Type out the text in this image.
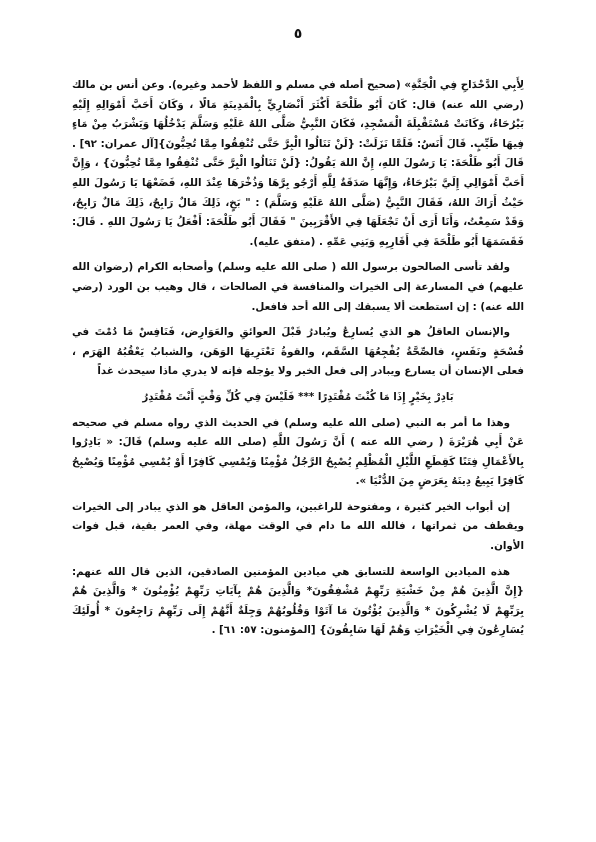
٥

لِأَبِي الدَّحْدَاحِ فِي الْجَنَّةِ» (صحيح أصله في مسلم و اللفظ لأحمد وغيره). وعن أنس بن مالك (رضي الله عنه) قال: كَانَ أَبُو طَلْحَةَ أَكْثَرَ أَنْصَارِيٍّ بِالْمَدِينَةِ مَالًا ، وَكَانَ أَحَبَّ أَمْوَالِهِ إِلَيْهِ بَيْرُحَاءُ، وَكَانَتْ مُسْتَقْبِلَةَ الْمَسْجِدِ، فَكَانَ النَّبِيُّ صَلَّى اللهُ عَلَيْهِ وَسَلَّمَ يَدْخُلُهَا وَيَشْرَبُ مِنْ مَاءٍ فِيهَا طَيِّبٍ. قَالَ أَنَسٌ: فَلَمَّا نَزَلَتْ: {لَنْ تَنَالُوا الْبِرَّ حَتَّى تُنْفِقُوا مِمَّا تُحِبُّونَ}[آل عمران: ٩٢] . قَالَ أَبُو طَلْحَةَ: يَا رَسُولَ اللهِ، إِنَّ اللهَ يَقُولُ: {لَنْ تَنَالُوا الْبِرَّ حَتَّى تُنْفِقُوا مِمَّا تُحِبُّونَ} ، وَإِنَّ أَحَبَّ أَمْوَالِي إِلَيَّ بَيْرُحَاءُ، وَإِنَّهَا صَدَقَةٌ لِلَّهِ أَرْجُو بِرَّهَا وَذُخْرَهَا عِنْدَ اللهِ، فَضَعْهَا يَا رَسُولَ اللهِ حَيْثُ أَرَاكَ اللهُ، فَقَالَ النَّبِيُّ (صَلَّى اللهُ عَلَيْهِ وَسَلَّمَ) : " بَخٍ، ذَلِكَ مَالٌ رَابِحٌ، ذَلِكَ مَالٌ رَابِحٌ، وَقَدْ سَمِعْتُ، وَأَنَا أَرَى أَنْ تَجْعَلَهَا فِي الأَقْرَبِينَ " فَقَالَ أَبُو طَلْحَةَ: أَفْعَلُ يَا رَسُولَ اللهِ . قَالَ: فَقَسَمَهَا أَبُو طَلْحَةَ فِي أَقَارِبِهِ وَبَنِي عَمِّهِ . (متفق عليه).

ولقد تأسى الصالحون برسول الله ( صلى الله عليه وسلم) وأصحابه الكرام (رضوان الله عليهم) في المسارعة إلى الخيرات والمنافسة في الصالحات ، قال وهيب بن الورد (رضي الله عنه) : إن استطعت ألا يسبقك إلى الله أحد فافعل.

والإنسان العاقلُ هو الذي يُسارِعُ ويُبادرُ قَبْلَ العوائقِ والعَوَارِض، فَنَافِسْ مَا دُمْتَ في فُسْحَةٍ ونَفَسٍ، فالصِّحَّةُ يُفْجِعُهَا السَّقَم، والقوةُ تَعْتَرِيهَا الوَهَن، والشبابُ يَعْقُبُهُ الهَرَم ، فعلى الإنسان أن يسارع ويبادر إلى فعل الخير ولا يؤجله فإنه لا يدري ماذا سيحدث غداً

بَادِرْ بِخَيْرٍ إِذَا مَا كُنْتَ مُقْتَدِرًا *** فَلَيْسَ فِي كُلِّ وَقْتٍ أَنْتَ مُقْتَدِرُ

وهذا ما أمر به النبي (صلى الله عليه وسلم) في الحديث الذي رواه مسلم في صحيحه عَنْ أَبِي هُرَيْرَةَ ( رضي الله عنه ) أَنَّ رَسُولَ اللَّهِ (صلى الله عليه وسلم) قَالَ: « بَادِرُوا بِالأَعْمَالِ فِتَنًا كَقِطَعِ اللَّيْلِ الْمُظْلِمِ يُصْبِحُ الرَّجُلُ مُؤْمِنًا وَيُمْسِي كَافِرًا أَوْ يُمْسِي مُؤْمِنًا وَيُصْبِحُ كَافِرًا يَبِيعُ دِينَهُ بِعَرَضٍ مِنَ الدُّنْيَا ».

إن أبواب الخير كثيرة ، ومفتوحة للراغبين، والمؤمن العاقل هو الذي يبادر إلى الخيرات ويقطف من ثمراتها ، فالله الله ما دام في الوقت مهلة، وفي العمر بقية، قبل فوات الأوان.

هذه الميادين الواسعة للتسابق هي ميادين المؤمنين الصادقين، الذين قال الله عنهم: {إِنَّ الَّذِينَ هُمْ مِنْ خَشْيَةِ رَبِّهِمْ مُشْفِقُونَ* وَالَّذِينَ هُمْ بِآيَاتِ رَبِّهِمْ يُؤْمِنُونَ * وَالَّذِينَ هُمْ بِرَبِّهِمْ لَا يُشْرِكُونَ * وَالَّذِينَ يُؤْتُونَ مَا آتَوْا وَقُلُوبُهُمْ وَجِلَةٌ أَنَّهُمْ إِلَى رَبِّهِمْ رَاجِعُونَ * أُولَئِكَ يُسَارِعُونَ فِي الْخَيْرَاتِ وَهُمْ لَهَا سَابِقُونَ} [المؤمنون: ٥٧: ٦١] .
